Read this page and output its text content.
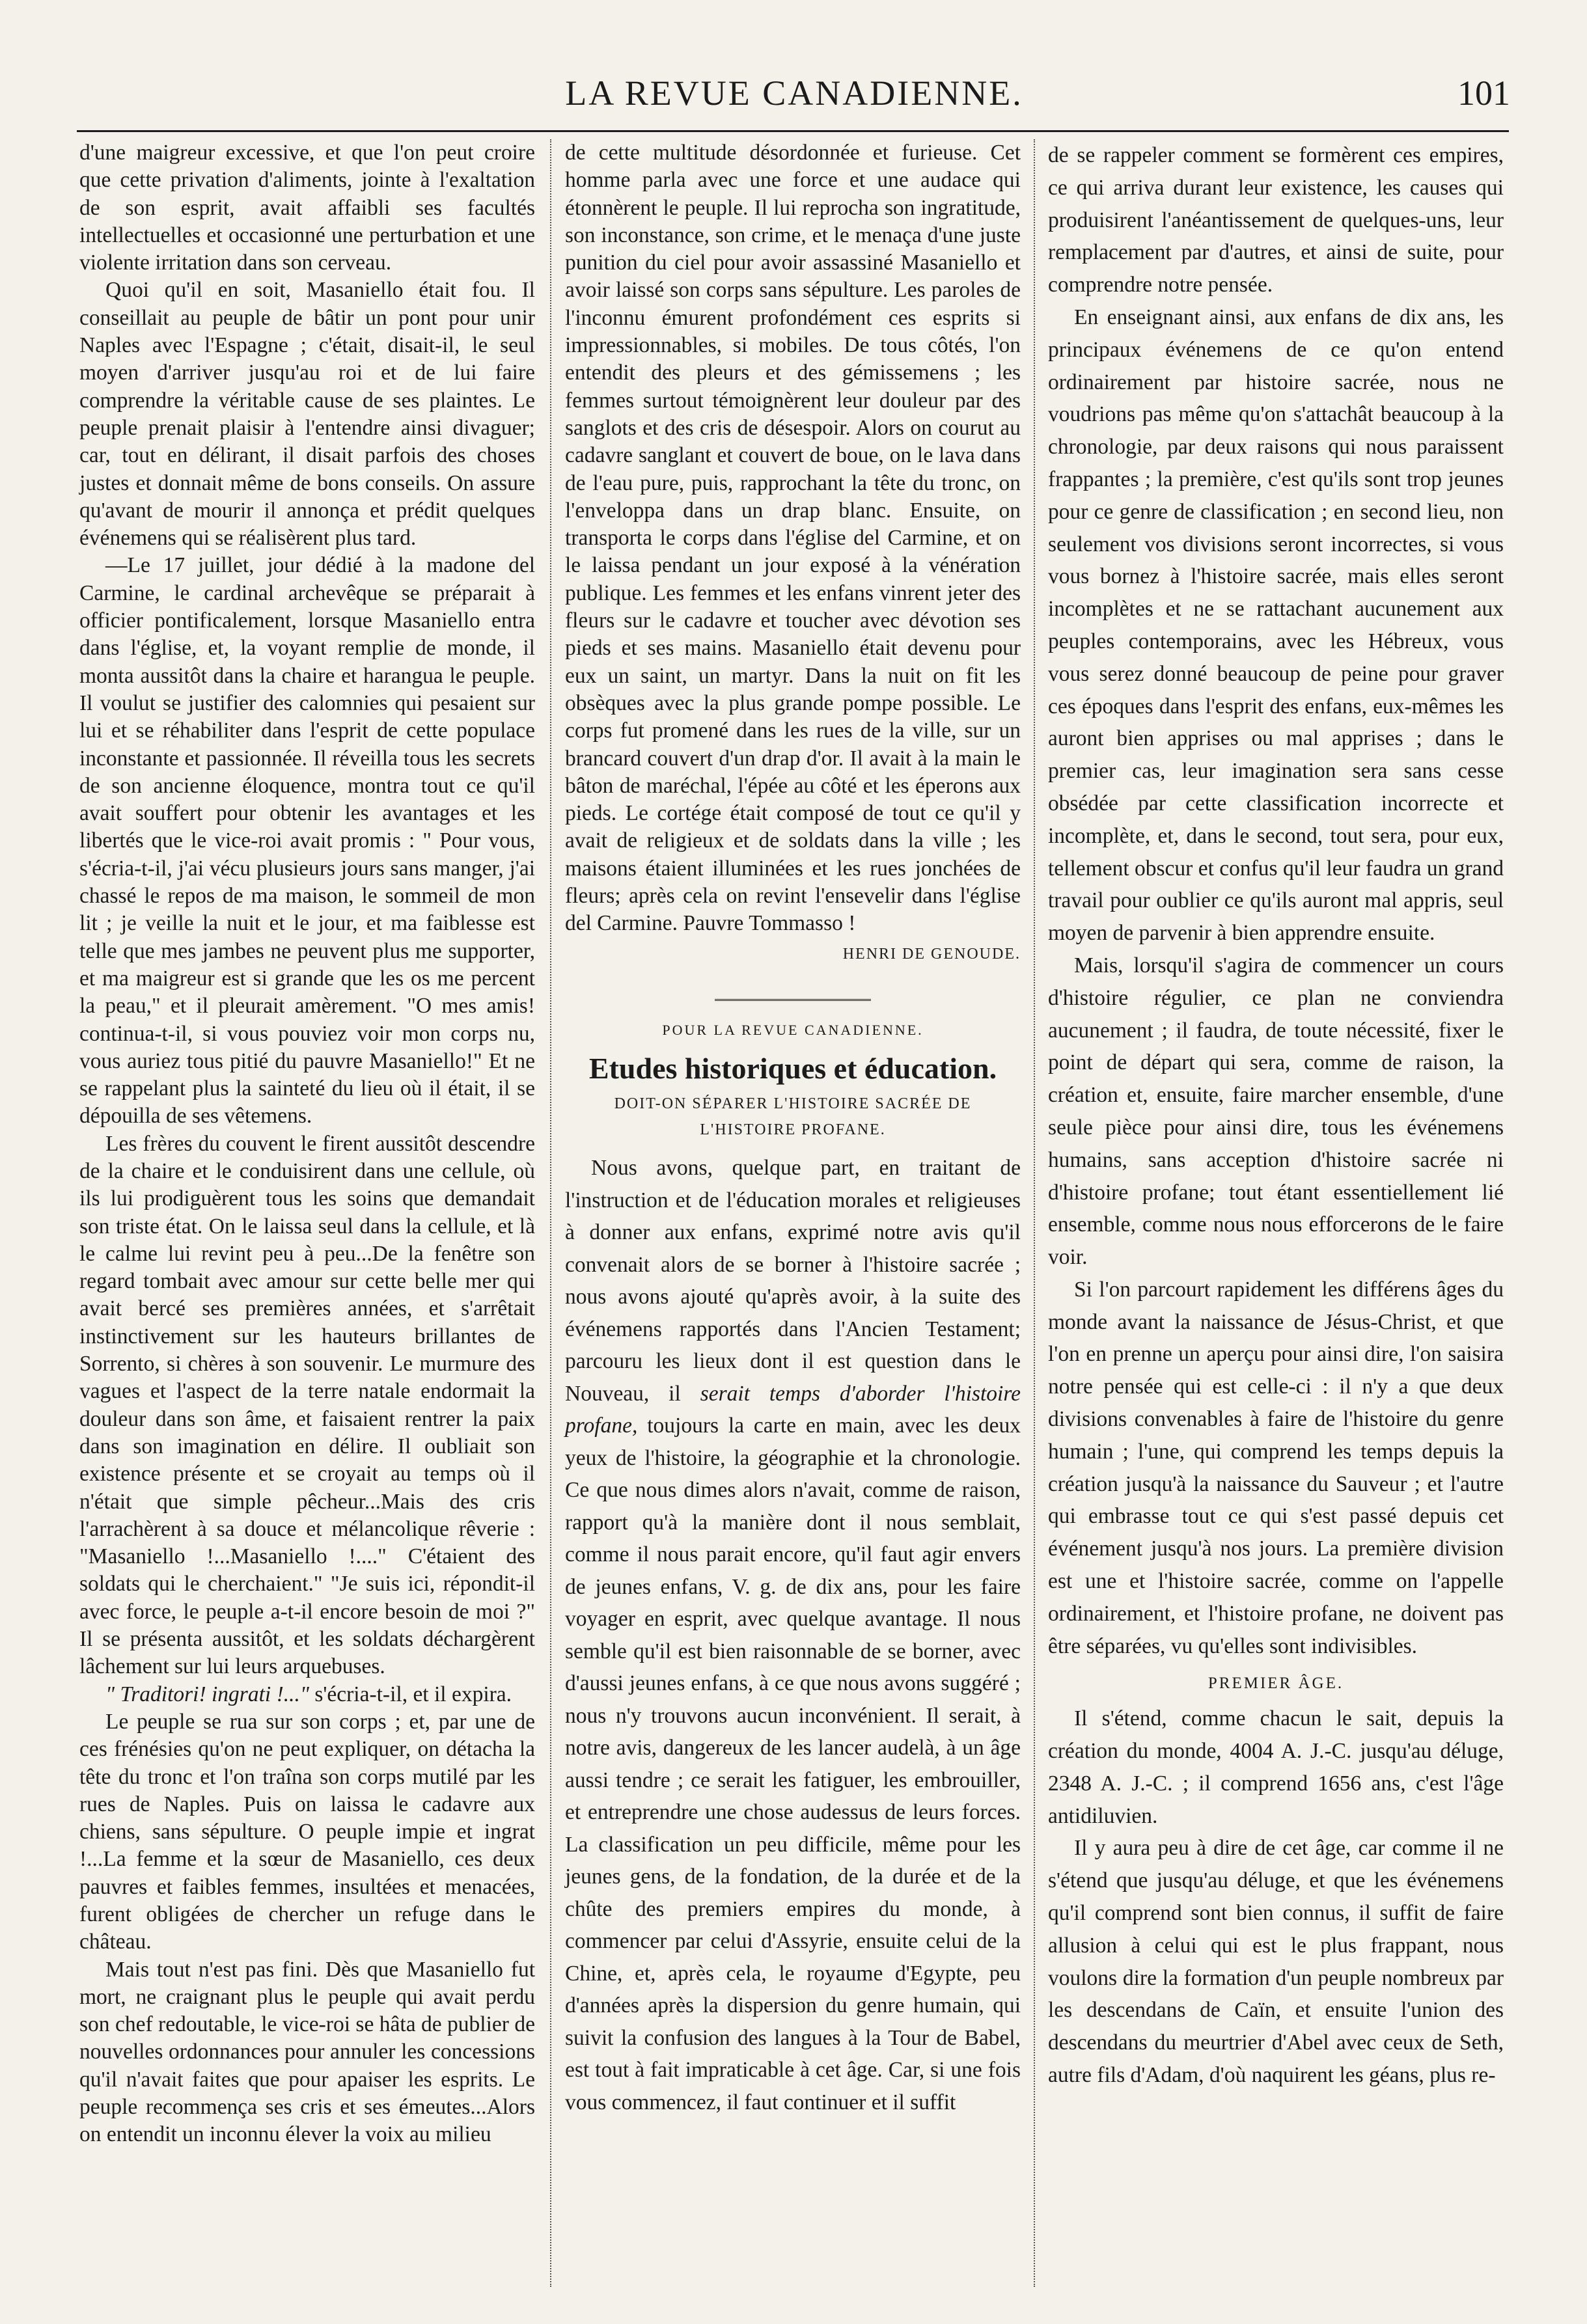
LA REVUE CANADIENNE.	101

d'une maigreur excessive, et que l'on peut croire que cette privation d'aliments, jointe à l'exaltation de son esprit, avait affaibli ses facultés intellectuelles et occasionné une perturbation et une violente irritation dans son cerveau.

Quoi qu'il en soit, Masaniello était fou. Il conseillait au peuple de bâtir un pont pour unir Naples avec l'Espagne ; c'était, disait-il, le seul moyen d'arriver jusqu'au roi et de lui faire comprendre la véritable cause de ses plaintes. Le peuple prenait plaisir à l'entendre ainsi divaguer; car, tout en délirant, il disait parfois des choses justes et donnait même de bons conseils. On assure qu'avant de mourir il annonça et prédit quelques événemens qui se réalisèrent plus tard.

—Le 17 juillet, jour dédié à la madone del Carmine, le cardinal archevêque se préparait à officier pontificalement, lorsque Masaniello entra dans l'église, et, la voyant remplie de monde, il monta aussitôt dans la chaire et harangua le peuple. Il voulut se justifier des calomnies qui pesaient sur lui et se réhabiliter dans l'esprit de cette populace inconstante et passionnée. Il réveilla tous les secrets de son ancienne éloquence, montra tout ce qu'il avait souffert pour obtenir les avantages et les libertés que le vice-roi avait promis : " Pour vous, s'écria-t-il, j'ai vécu plusieurs jours sans manger, j'ai chassé le repos de ma maison, le sommeil de mon lit ; je veille la nuit et le jour, et ma faiblesse est telle que mes jambes ne peuvent plus me supporter, et ma maigreur est si grande que les os me percent la peau," et il pleurait amèrement. "O mes amis! continua-t-il, si vous pouviez voir mon corps nu, vous auriez tous pitié du pauvre Masaniello!" Et ne se rappelant plus la sainteté du lieu où il était, il se dépouilla de ses vêtemens.

Les frères du couvent le firent aussitôt descendre de la chaire et le conduisirent dans une cellule, où ils lui prodiguèrent tous les soins que demandait son triste état. On le laissa seul dans la cellule, et là le calme lui revint peu à peu...De la fenêtre son regard tombait avec amour sur cette belle mer qui avait bercé ses premières années, et s'arrêtait instinctivement sur les hauteurs brillantes de Sorrento, si chères à son souvenir. Le murmure des vagues et l'aspect de la terre natale endormait la douleur dans son âme, et faisaient rentrer la paix dans son imagination en délire. Il oubliait son existence présente et se croyait au temps où il n'était que simple pêcheur...Mais des cris l'arrachèrent à sa douce et mélancolique rêverie : "Masaniello !...Masaniello !...." C'étaient des soldats qui le cherchaient." "Je suis ici, répondit-il avec force, le peuple a-t-il encore besoin de moi ?" Il se présenta aussitôt, et les soldats déchargèrent lâchement sur lui leurs arquebuses.

" Traditori! ingrati !..." s'écria-t-il, et il expira.

Le peuple se rua sur son corps ; et, par une de ces frénésies qu'on ne peut expliquer, on détacha la tête du tronc et l'on traîna son corps mutilé par les rues de Naples. Puis on laissa le cadavre aux chiens, sans sépulture. O peuple impie et ingrat !...La femme et la sœur de Masaniello, ces deux pauvres et faibles femmes, insultées et menacées, furent obligées de chercher un refuge dans le château.

Mais tout n'est pas fini. Dès que Masaniello fut mort, ne craignant plus le peuple qui avait perdu son chef redoutable, le vice-roi se hâta de publier de nouvelles ordonnances pour annuler les concessions qu'il n'avait faites que pour apaiser les esprits. Le peuple recommença ses cris et ses émeutes...Alors on entendit un inconnu élever la voix au milieu

de cette multitude désordonnée et furieuse. Cet homme parla avec une force et une audace qui étonnèrent le peuple. Il lui reprocha son ingratitude, son inconstance, son crime, et le menaça d'une juste punition du ciel pour avoir assassiné Masaniello et avoir laissé son corps sans sépulture. Les paroles de l'inconnu émurent profondément ces esprits si impressionnables, si mobiles. De tous côtés, l'on entendit des pleurs et des gémissemens ; les femmes surtout témoignèrent leur douleur par des sanglots et des cris de désespoir. Alors on courut au cadavre sanglant et couvert de boue, on le lava dans de l'eau pure, puis, rapprochant la tête du tronc, on l'enveloppa dans un drap blanc. Ensuite, on transporta le corps dans l'église del Carmine, et on le laissa pendant un jour exposé à la vénération publique. Les femmes et les enfans vinrent jeter des fleurs sur le cadavre et toucher avec dévotion ses pieds et ses mains. Masaniello était devenu pour eux un saint, un martyr. Dans la nuit on fit les obsèques avec la plus grande pompe possible. Le corps fut promené dans les rues de la ville, sur un brancard couvert d'un drap d'or. Il avait à la main le bâton de maréchal, l'épée au côté et les éperons aux pieds. Le cortége était composé de tout ce qu'il y avait de religieux et de soldats dans la ville ; les maisons étaient illuminées et les rues jonchées de fleurs; après cela on revint l'ensevelir dans l'église del Carmine. Pauvre Tommasso !

HENRI DE GENOUDE.
POUR LA REVUE CANADIENNE.
Etudes historiques et éducation.
DOIT-ON SÉPARER L'HISTOIRE SACRÉE DE L'HISTOIRE PROFANE.

Nous avons, quelque part, en traitant de l'instruction et de l'éducation morales et religieuses à donner aux enfans, exprimé notre avis qu'il convenait alors de se borner à l'histoire sacrée ; nous avons ajouté qu'après avoir, à la suite des événemens rapportés dans l'Ancien Testament; parcouru les lieux dont il est question dans le Nouveau, il serait temps d'aborder l'histoire profane, toujours la carte en main, avec les deux yeux de l'histoire, la géographie et la chronologie. Ce que nous dimes alors n'avait, comme de raison, rapport qu'à la manière dont il nous semblait, comme il nous parait encore, qu'il faut agir envers de jeunes enfans, V. g. de dix ans, pour les faire voyager en esprit, avec quelque avantage. Il nous semble qu'il est bien raisonnable de se borner, avec d'aussi jeunes enfans, à ce que nous avons suggéré ; nous n'y trouvons aucun inconvénient. Il serait, à notre avis, dangereux de les lancer audelà, à un âge aussi tendre ; ce serait les fatiguer, les embrouiller, et entreprendre une chose audessus de leurs forces. La classification un peu difficile, même pour les jeunes gens, de la fondation, de la durée et de la chûte des premiers empires du monde, à commencer par celui d'Assyrie, ensuite celui de la Chine, et, après cela, le royaume d'Egypte, peu d'années après la dispersion du genre humain, qui suivit la confusion des langues à la Tour de Babel, est tout à fait impraticable à cet âge. Car, si une fois vous commencez, il faut continuer et il suffit

de se rappeler comment se formèrent ces empires, ce qui arriva durant leur existence, les causes qui produisirent l'anéantissement de quelques-uns, leur remplacement par d'autres, et ainsi de suite, pour comprendre notre pensée.

En enseignant ainsi, aux enfans de dix ans, les principaux événemens de ce qu'on entend ordinairement par histoire sacrée, nous ne voudrions pas même qu'on s'attachât beaucoup à la chronologie, par deux raisons qui nous paraissent frappantes ; la première, c'est qu'ils sont trop jeunes pour ce genre de classification ; en second lieu, non seulement vos divisions seront incorrectes, si vous vous bornez à l'histoire sacrée, mais elles seront incomplètes et ne se rattachant aucunement aux peuples contemporains, avec les Hébreux, vous vous serez donné beaucoup de peine pour graver ces époques dans l'esprit des enfans, eux-mêmes les auront bien apprises ou mal apprises ; dans le premier cas, leur imagination sera sans cesse obsédée par cette classification incorrecte et incomplète, et, dans le second, tout sera, pour eux, tellement obscur et confus qu'il leur faudra un grand travail pour oublier ce qu'ils auront mal appris, seul moyen de parvenir à bien apprendre ensuite.

Mais, lorsqu'il s'agira de commencer un cours d'histoire régulier, ce plan ne conviendra aucunement ; il faudra, de toute nécessité, fixer le point de départ qui sera, comme de raison, la création et, ensuite, faire marcher ensemble, d'une seule pièce pour ainsi dire, tous les événemens humains, sans acception d'histoire sacrée ni d'histoire profane; tout étant essentiellement lié ensemble, comme nous nous efforcerons de le faire voir.

Si l'on parcourt rapidement les différens âges du monde avant la naissance de Jésus-Christ, et que l'on en prenne un aperçu pour ainsi dire, l'on saisira notre pensée qui est celle-ci : il n'y a que deux divisions convenables à faire de l'histoire du genre humain ; l'une, qui comprend les temps depuis la création jusqu'à la naissance du Sauveur ; et l'autre qui embrasse tout ce qui s'est passé depuis cet événement jusqu'à nos jours. La première division est une et l'histoire sacrée, comme on l'appelle ordinairement, et l'histoire profane, ne doivent pas être séparées, vu qu'elles sont indivisibles.

PREMIER ÂGE.

Il s'étend, comme chacun le sait, depuis la création du monde, 4004 A. J.-C. jusqu'au déluge, 2348 A. J.-C. ; il comprend 1656 ans, c'est l'âge antidiluvien.

Il y aura peu à dire de cet âge, car comme il ne s'étend que jusqu'au déluge, et que les événemens qu'il comprend sont bien connus, il suffit de faire allusion à celui qui est le plus frappant, nous voulons dire la formation d'un peuple nombreux par les descendans de Caïn, et ensuite l'union des descendans du meurtrier d'Abel avec ceux de Seth, autre fils d'Adam, d'où naquirent les géans, plus re-
